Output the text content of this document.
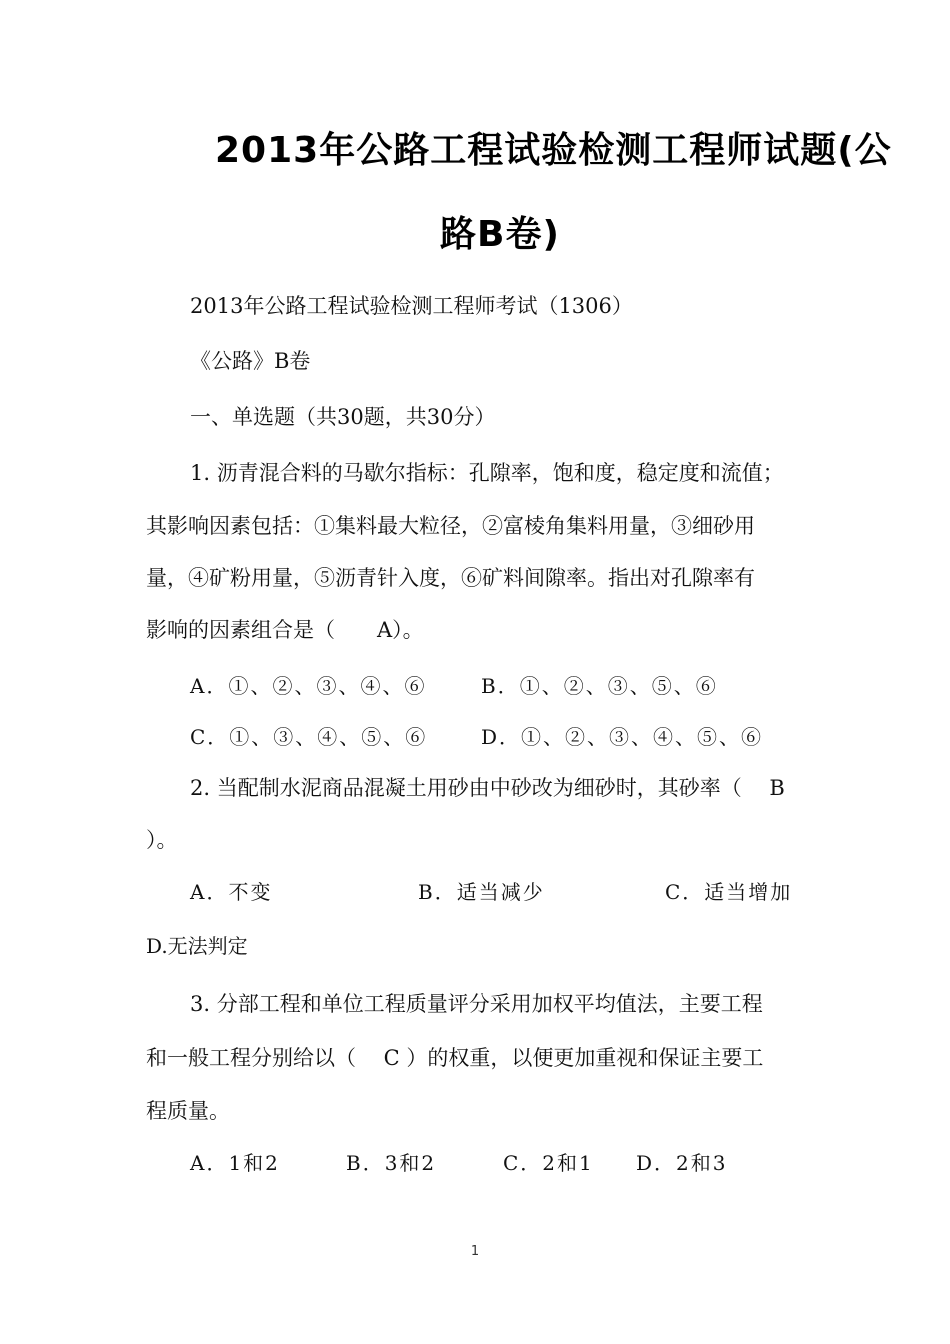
2013年公路工程试验检测工程师试题(公
路B卷)
2013年公路工程试验检测工程师考试（1306）
《公路》B卷
一、单选题（共30题，共30分）
1. 沥青混合料的马歇尔指标：孔隙率，饱和度，稳定度和流值；
其影响因素包括：①集料最大粒径，②富棱角集料用量，③细砂用
量，④矿粉用量，⑤沥青针入度，⑥矿料间隙率。指出对孔隙率有
影响的因素组合是（　　A）。
A．①、②、③、④、⑥	B．①、②、③、⑤、⑥
C．①、③、④、⑤、⑥	D．①、②、③、④、⑤、⑥
2. 当配制水泥商品混凝土用砂由中砂改为细砂时，其砂率（　 B
）。
A．不变	B．适当减少	C．适当增加
D.无法判定
3. 分部工程和单位工程质量评分采用加权平均值法，主要工程
和一般工程分别给以（　 C ）的权重，以便更加重视和保证主要工
程质量。
A．1和2	B．3和2	C．2和1 D．2和3
1
